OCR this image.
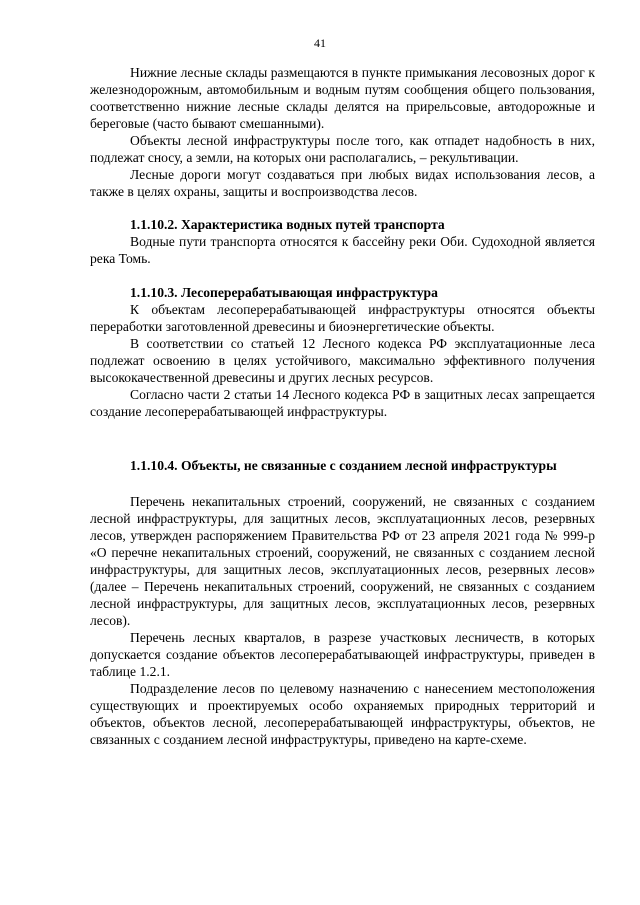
41

Нижние лесные склады размещаются в пункте примыкания лесовозных дорог к железнодорожным, автомобильным и водным путям сообщения общего пользования, соответственно нижние лесные склады делятся на прирельсовые, автодорожные и береговые (часто бывают смешанными).

Объекты лесной инфраструктуры после того, как отпадет надобность в них, подлежат сносу, а земли, на которых они располагались, – рекультивации.

Лесные дороги могут создаваться при любых видах использования лесов, а также в целях охраны, защиты и воспроизводства лесов.

1.1.10.2. Характеристика водных путей транспорта

Водные пути транспорта относятся к бассейну реки Оби. Судоходной является река Томь.

1.1.10.3. Лесоперерабатывающая инфраструктура

К объектам лесоперерабатывающей инфраструктуры относятся объекты переработки заготовленной древесины и биоэнергетические объекты.

В соответствии со статьей 12 Лесного кодекса РФ эксплуатационные леса подлежат освоению в целях устойчивого, максимально эффективного получения высококачественной древесины и других лесных ресурсов.

Согласно части 2 статьи 14 Лесного кодекса РФ в защитных лесах запрещается создание лесоперерабатывающей инфраструктуры.

1.1.10.4. Объекты, не связанные с созданием лесной инфраструктуры

Перечень некапитальных строений, сооружений, не связанных с созданием лесной инфраструктуры, для защитных лесов, эксплуатационных лесов, резервных лесов, утвержден распоряжением Правительства РФ от 23 апреля 2021 года № 999-р «О перечне некапитальных строений, сооружений, не связанных с созданием лесной инфраструктуры, для защитных лесов, эксплуатационных лесов, резервных лесов» (далее – Перечень некапитальных строений, сооружений, не связанных с созданием лесной инфраструктуры, для защитных лесов, эксплуатационных лесов, резервных лесов).

Перечень лесных кварталов, в разрезе участковых лесничеств, в которых допускается создание объектов лесоперерабатывающей инфраструктуры, приведен в таблице 1.2.1.

Подразделение лесов по целевому назначению с нанесением местоположения существующих и проектируемых особо охраняемых природных территорий и объектов, объектов лесной, лесоперерабатывающей инфраструктуры, объектов, не связанных с созданием лесной инфраструктуры, приведено на карте-схеме.
